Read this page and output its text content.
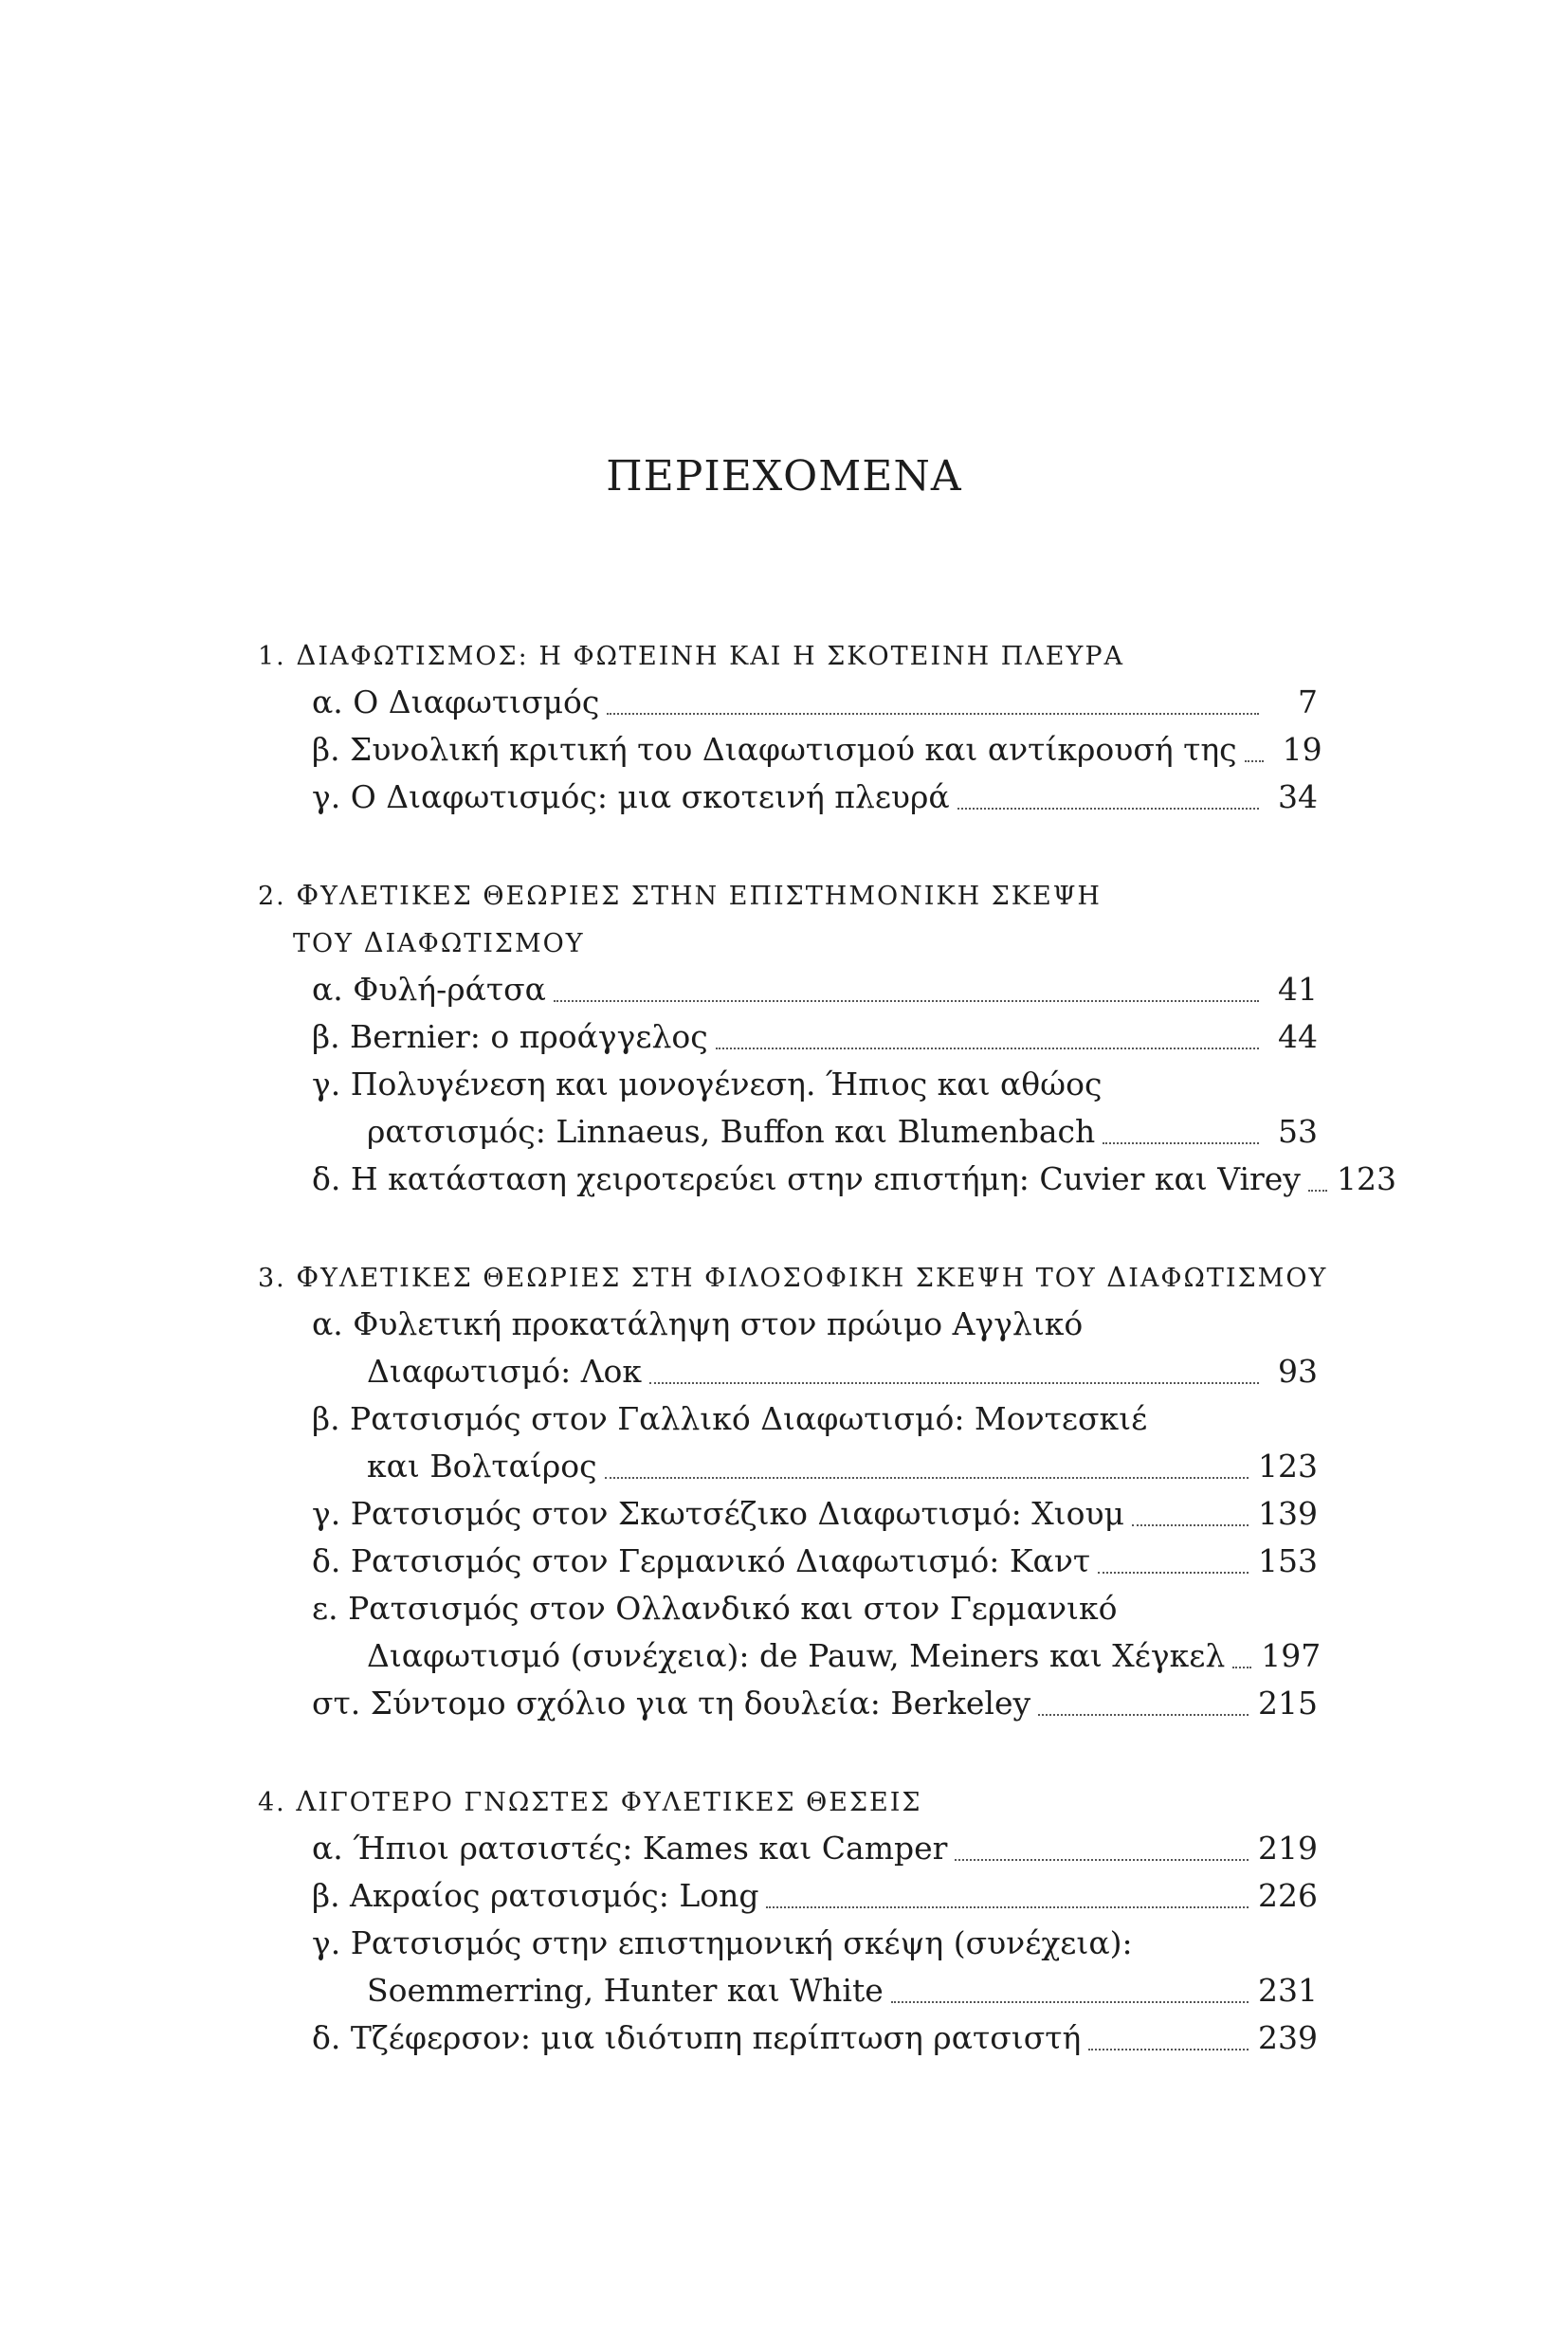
ΠΕΡΙΕΧΟΜΕΝΑ
1. ΔΙΑΦΩΤΙΣΜΟΣ: Η ΦΩΤΕΙΝΗ ΚΑΙ Η ΣΚΟΤΕΙΝΗ ΠΛΕΥΡΑ
α. Ο Διαφωτισμός	7
β. Συνολική κριτική του Διαφωτισμού και αντίκρουσή της	19
γ. Ο Διαφωτισμός: μια σκοτεινή πλευρά	34
2. ΦΥΛΕΤΙΚΕΣ ΘΕΩΡΙΕΣ ΣΤΗΝ ΕΠΙΣΤΗΜΟΝΙΚΗ ΣΚΕΨΗ
ΤΟΥ ΔΙΑΦΩΤΙΣΜΟΥ
α. Φυλή-ράτσα	41
β. Bernier: ο προάγγελος	44
γ. Πολυγένεση και μονογένεση. Ήπιος και αθώος
ρατσισμός: Linnaeus, Buffon και Blumenbach	53
δ. Η κατάσταση χειροτερεύει στην επιστήμη: Cuvier και Virey 123
3. ΦΥΛΕΤΙΚΕΣ ΘΕΩΡΙΕΣ ΣΤΗ ΦΙΛΟΣΟΦΙΚΗ ΣΚΕΨΗ ΤΟΥ ΔΙΑΦΩΤΙΣΜΟΥ
α. Φυλετική προκατάληψη στον πρώιμο Αγγλικό
Διαφωτισμό: Λοκ	93
β. Ρατσισμός στον Γαλλικό Διαφωτισμό: Μοντεσκιέ
και Βολταίρος	123
γ. Ρατσισμός στον Σκωτσέζικο Διαφωτισμό: Χιουμ	139
δ. Ρατσισμός στον Γερμανικό Διαφωτισμό: Καντ	153
ε. Ρατσισμός στον Ολλανδικό και στον Γερμανικό
Διαφωτισμό (συνέχεια): de Pauw, Meiners και Χέγκελ 197
στ. Σύντομο σχόλιο για τη δουλεία: Berkeley	215
4. ΛΙΓΟΤΕΡΟ ΓΝΩΣΤΕΣ ΦΥΛΕΤΙΚΕΣ ΘΕΣΕΙΣ
α. Ήπιοι ρατσιστές: Kames και Camper	219
β. Ακραίος ρατσισμός: Long	226
γ. Ρατσισμός στην επιστημονική σκέψη (συνέχεια):
Soemmerring, Hunter και White	231
δ. Τζέφερσον: μια ιδιότυπη περίπτωση ρατσιστή	239
